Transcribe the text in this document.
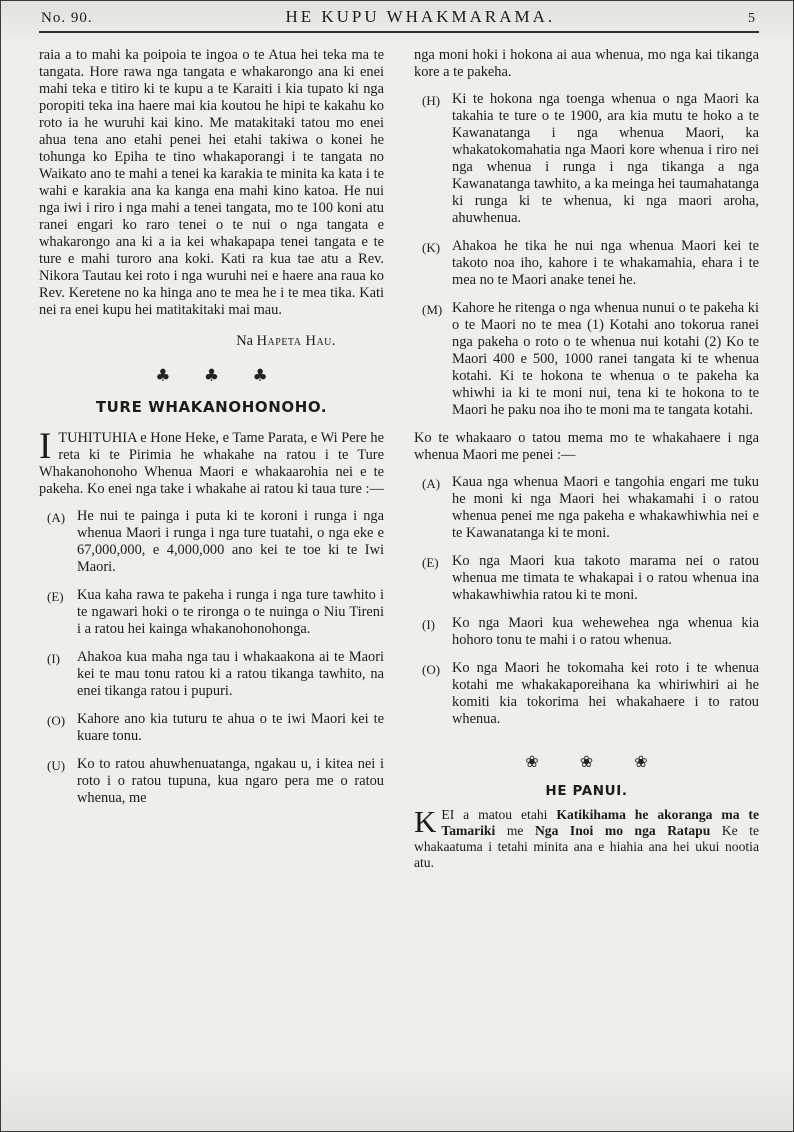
No. 90.	HE KUPU WHAKMARAMA.	5

raia a to mahi ka poipoia te ingoa o te Atua hei teka ma te tangata. Hore rawa nga tangata e whakarongo ana ki enei mahi teka e titiro ki te kupu a te Karaiti i kia tupato ki nga poropiti teka ina haere mai kia koutou he hipi te kakahu ko roto ia he wuruhi kai kino. Me matakitaki tatou mo enei ahua tena ano etahi penei hei etahi takiwa o konei he tohunga ko Epiha te tino whakaporangi i te tangata no Waikato ano te mahi a tenei ka karakia te minita ka kata i te wahi e karakia ana ka kanga ena mahi kino katoa. He nui nga iwi i riro i nga mahi a tenei tangata, mo te 100 koni atu ranei engari ko raro tenei o te nui o nga tangata e whakarongo ana ki a ia kei whakapapa tenei tangata e te ture e mahi turoro ana koki. Kati ra kua tae atu a Rev. Nikora Tautau kei roto i nga wuruhi nei e haere ana raua ko Rev. Keretene no ka hinga ano te mea he i te mea tika. Kati nei ra enei kupu hei matitakitaki mai mau.

Na Hapeta Hau.

♣ ♣ ♣
TURE WHAKANOHONOHO.

ITUHITUHIA e Hone Heke, e Tame Parata, e Wi Pere he reta ki te Pirimia he whakahe na ratou i te Ture Whakanohonoho Whenua Maori e whakaarohia nei e te pakeha. Ko enei nga take i whakahe ai ratou ki taua ture :—

(A) He nui te painga i puta ki te koroni i runga i nga whenua Maori i runga i nga ture tuatahi, o nga eke e 67,000,000, e 4,000,000 ano kei te toe ki te Iwi Maori.
(E) Kua kaha rawa te pakeha i runga i nga ture tawhito i te ngawari hoki o te rironga o te nuinga o Niu Tireni i a ratou hei kainga whakanohonohonga.
(I)	Ahakoa kua maha nga tau i whakaakona ai te Maori kei te mau tonu ratou ki a ratou tikanga tawhito, na enei tikanga ratou i pupuri.
(O) Kahore ano kia tuturu te ahua o te iwi Maori kei te kuare tonu.
(U) Ko to ratou ahuwhenuatanga, ngakau u, i kitea nei i roto i o ratou tupuna, kua ngaro pera me o ratou whenua, me

nga moni hoki i hokona ai aua whenua, mo nga kai tikanga kore a te pakeha.

(H) Ki te hokona nga toenga whenua o nga Maori ka takahia te ture o te 1900, ara kia mutu te hoko a te Kawanatanga i nga whenua Maori, ka whakatokomahatia nga Maori kore whenua i riro nei nga whenua i runga i nga tikanga a nga Kawanatanga tawhito, a ka meinga hei taumahatanga ki runga ki te whenua, ki nga maori aroha, ahuwhenua.
(K) Ahakoa he tika he nui nga whenua Maori kei te takoto noa iho, kahore i te whakamahia, ehara i te mea no te Maori anake tenei he.
(M) Kahore he ritenga o nga whenua nunui o te pakeha ki o te Maori no te mea (1) Kotahi ano tokorua ranei nga pakeha o roto o te whenua nui kotahi (2) Ko te Maori 400 e 500, 1000 ranei tangata ki te whenua kotahi. Ki te hokona te whenua o te pakeha ka whiwhi ia ki te moni nui, tena ki te hokona to te Maori he paku noa iho te moni ma te tangata kotahi.

Ko te whakaaro o tatou mema mo te whakahaere i nga whenua Maori me penei :—

(A) Kaua nga whenua Maori e tangohia engari me tuku he moni ki nga Maori hei whakamahi i o ratou whenua penei me nga pakeha e whakawhiwhia nei e te Kawanatanga ki te moni.
(E) Ko nga Maori kua takoto marama nei o ratou whenua me timata te whakapai i o ratou whenua ina whakawhiwhia ratou ki te moni.
(I)	Ko nga Maori kua wehewehea nga whenua kia hohoro tonu te mahi i o ratou whenua.
(O) Ko nga Maori he tokomaha kei roto i te whenua kotahi me whakakaporeihana ka whiriwhiri ai he komiti kia tokorima hei whakahaere i to ratou whenua.
❀ ❀ ❀
HE PANUI.

KEI a matou etahi Katikihama he akoranga ma te Tamariki me Nga Inoi mo nga Ratapu Ke te whakaatuma i tetahi minita ana e hiahia ana hei ukui nootia atu.
